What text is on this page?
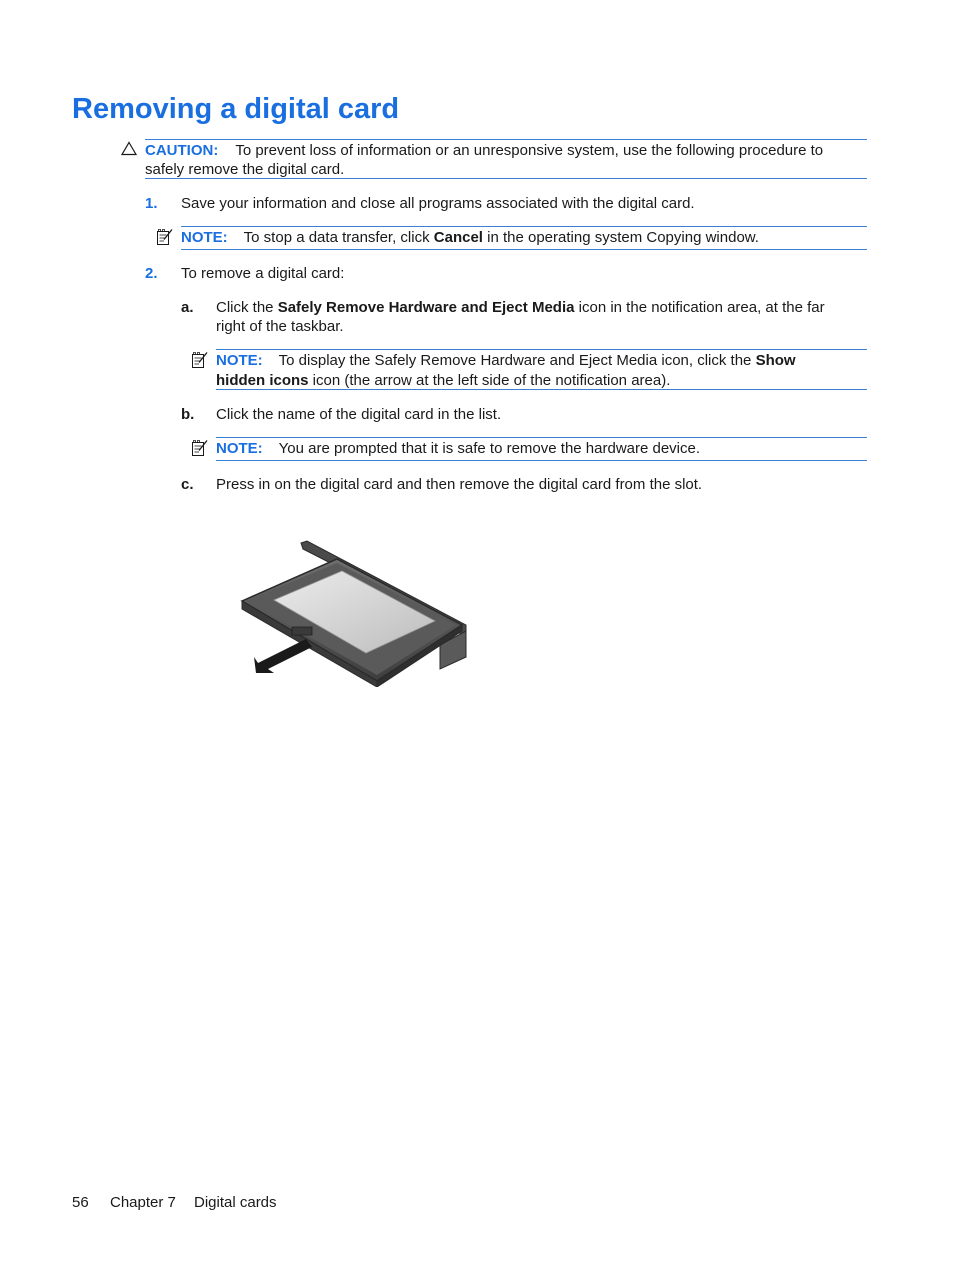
Removing a digital card
CAUTION: To prevent loss of information or an unresponsive system, use the following procedure to
safely remove the digital card.
1. Save your information and close all programs associated with the digital card.
NOTE: To stop a data transfer, click Cancel in the operating system Copying window.
2. To remove a digital card:
a. Click the Safely Remove Hardware and Eject Media icon in the notification area, at the far
right of the taskbar.
NOTE: To display the Safely Remove Hardware and Eject Media icon, click the Show
hidden icons icon (the arrow at the left side of the notification area).
b. Click the name of the digital card in the list.
NOTE: You are prompted that it is safe to remove the hardware device.
c. Press in on the digital card and then remove the digital card from the slot.
56 Chapter 7 Digital cards
